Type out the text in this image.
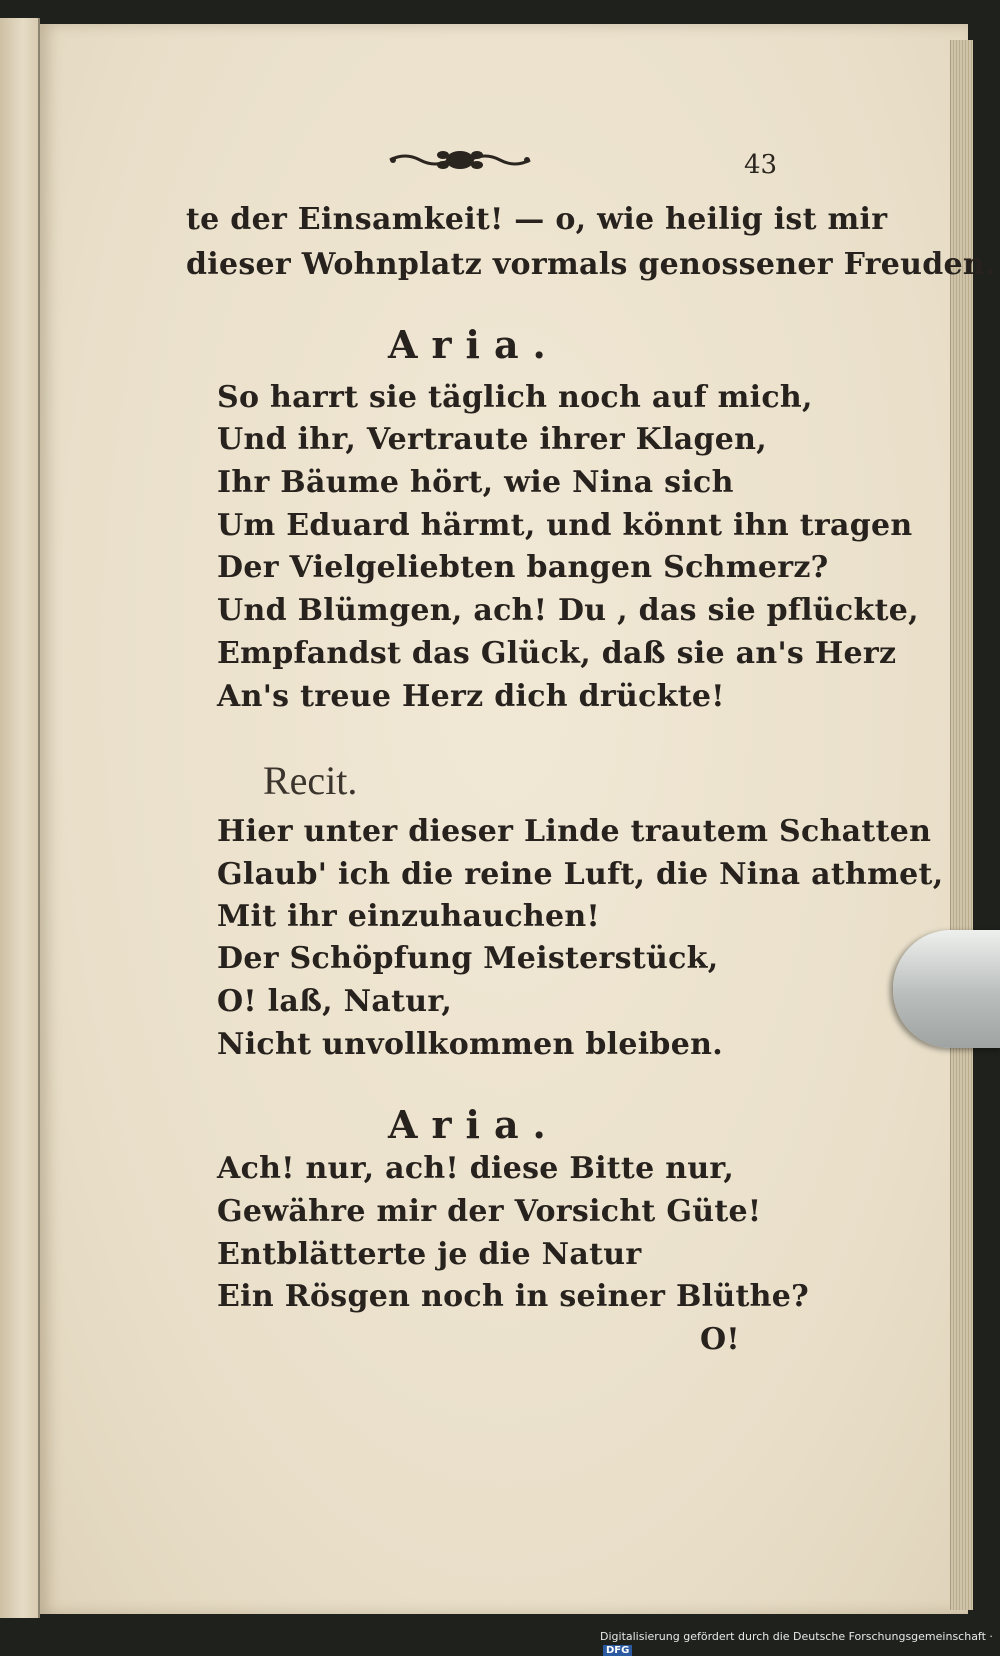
43
te der Einsamkeit! — o, wie heilig ist mir
dieser Wohnplatz vormals genossener Freuden.
Aria.
So harrt sie täglich noch auf mich,
Und ihr, Vertraute ihrer Klagen,
Ihr Bäume hört, wie Nina sich
Um Eduard härmt, und könnt ihn tragen
Der Vielgeliebten bangen Schmerz?
Und Blümgen, ach! Du , das sie pflückte,
Empfandst das Glück, daß sie an's Herz
An's treue Herz dich drückte!
Recit.
Hier unter dieser Linde trautem Schatten
Glaub' ich die reine Luft, die Nina athmet,
Mit ihr einzuhauchen!
Der Schöpfung Meisterstück,
O! laß, Natur,
Nicht unvollkommen bleiben.
Aria.
Ach! nur, ach! diese Bitte nur,
Gewähre mir der Vorsicht Güte!
Entblätterte je die Natur
Ein Rösgen noch in seiner Blüthe?
O!
Digitalisierung gefördert durch die Deutsche Forschungsgemeinschaft ·DFG
